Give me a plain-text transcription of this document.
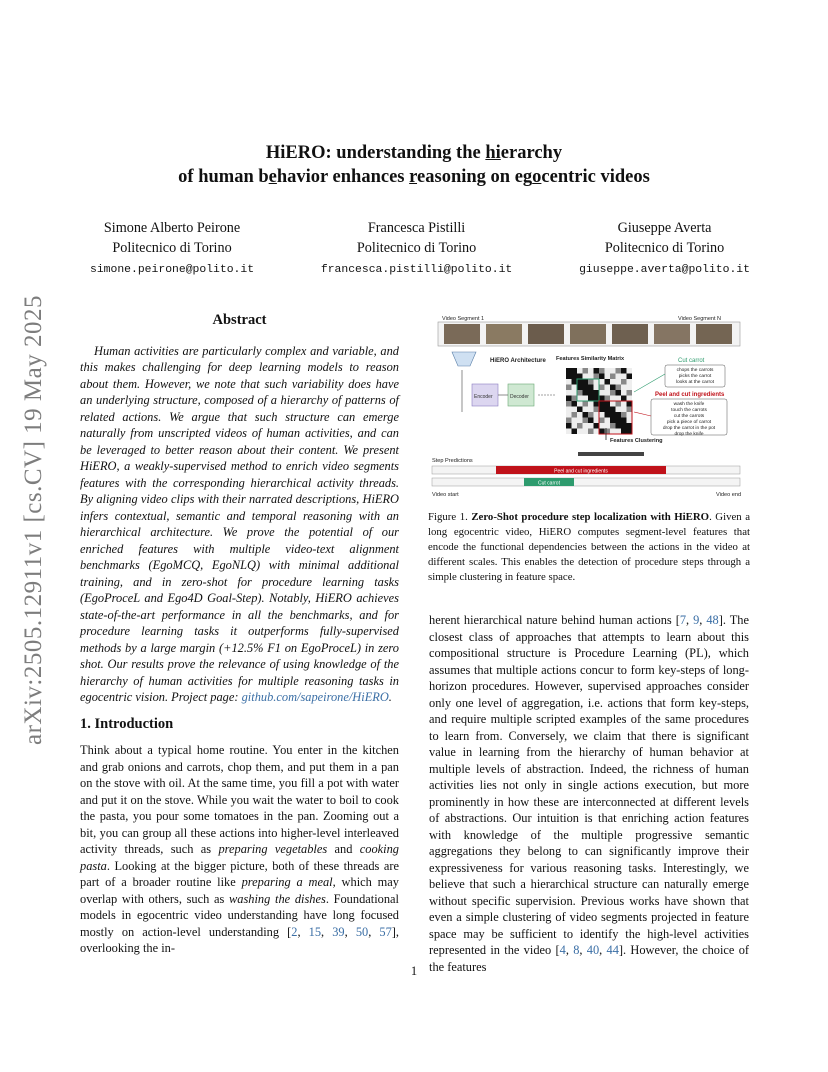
arXiv:2505.12911v1 [cs.CV] 19 May 2025
HiERO: understanding the hierarchy
of human behavior enhances reasoning on egocentric videos
Simone Alberto Peirone
Politecnico di Torino
simone.peirone@polito.it
Francesca Pistilli
Politecnico di Torino
francesca.pistilli@polito.it
Giuseppe Averta
Politecnico di Torino
giuseppe.averta@polito.it
Abstract
Human activities are particularly complex and variable, and this makes challenging for deep learning models to reason about them. However, we note that such variability does have an underlying structure, composed of a hierarchy of patterns of related actions. We argue that such structure can emerge naturally from unscripted videos of human activities, and can be leveraged to better reason about their content. We present HiERO, a weakly-supervised method to enrich video segments features with the corresponding hierarchical activity threads. By aligning video clips with their narrated descriptions, HiERO infers contextual, semantic and temporal reasoning with an hierarchical architecture. We prove the potential of our enriched features with multiple video-text alignment benchmarks (EgoMCQ, EgoNLQ) with minimal additional training, and in zero-shot for procedure learning tasks (EgoProceL and Ego4D Goal-Step). Notably, HiERO achieves state-of-the-art performance in all the benchmarks, and for procedure learning tasks it outperforms fully-supervised methods by a large margin (+12.5% F1 on EgoProceL) in zero shot. Our results prove the relevance of using knowledge of the hierarchy of human activities for multiple reasoning tasks in egocentric vision. Project page: github.com/sapeirone/HiERO.
1. Introduction
Think about a typical home routine. You enter in the kitchen and grab onions and carrots, chop them, and put them in a pan on the stove with oil. At the same time, you fill a pot with water and put it on the stove. While you wait the water to boil to cook the pasta, you pour some tomatoes in the pan. Zooming out a bit, you can group all these actions into higher-level interleaved activity threads, such as preparing vegetables and cooking pasta. Looking at the bigger picture, both of these threads are part of a broader routine like preparing a meal, which may overlap with others, such as washing the dishes. Foundational models in egocentric video understanding have long focused mostly on action-level understanding [2, 15, 39, 50, 57], overlooking the in-
Video Segment 1	Video Segment N
HiERO Architecture
Encoder	Decoder
Features Similarity Matrix
Features Clustering
Cut carrot
chops the carrots
picks the carrot
looks at the carrot
Peel and cut ingredients
wash the knife
touch the carrots
cut the carrots
pick a piece of carrot
drop the carrot in the pot
drop the knife
Step Predictions
Peel and cut ingredients
Cut carrot
Video start	Video end
Figure 1. Zero-Shot procedure step localization with HiERO. Given a long egocentric video, HiERO computes segment-level features that encode the functional dependencies between the actions in the video at different scales. This enables the detection of procedure steps through a simple clustering in feature space.
herent hierarchical nature behind human actions [7, 9, 48]. The closest class of approaches that attempts to learn about this compositional structure is Procedure Learning (PL), which assumes that multiple actions concur to form key-steps of long-horizon procedures. However, supervised approaches consider only one level of aggregation, i.e. actions that form key-steps, and require multiple scripted examples of the same procedures to learn from. Conversely, we claim that there is significant value in learning from the hierarchy of human behavior at multiple levels of abstraction. Indeed, the richness of human activities lies not only in single actions execution, but more prominently in how these are interconnected at different levels of abstractions. Our intuition is that enriching action features with knowledge of the multiple progressive semantic aggregations they belong to can significantly improve their expressiveness for various reasoning tasks. Interestingly, we believe that such a hierarchical structure can naturally emerge without specific supervision. Previous works have shown that even a simple clustering of video segments projected in feature space may be sufficient to identify the high-level activities represented in the video [4, 8, 40, 44]. However, the choice of the features
1
